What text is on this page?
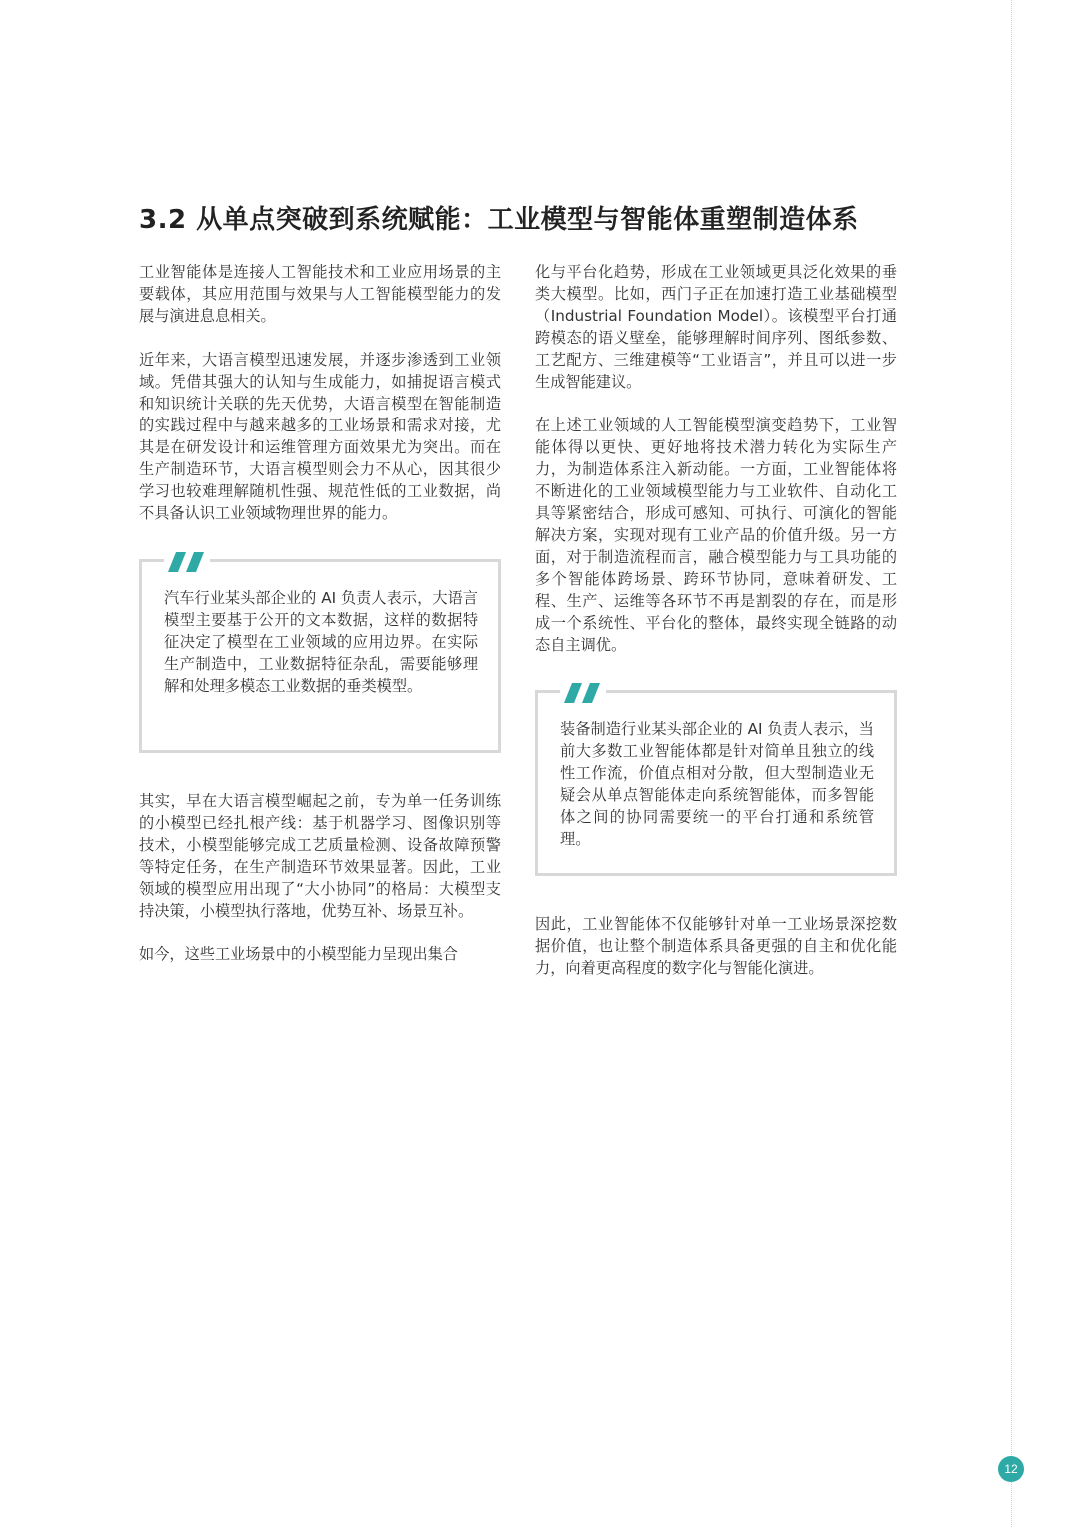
3.2 从单点突破到系统赋能：工业模型与智能体重塑制造体系

工业智能体是连接人工智能技术和工业应用场景的主要载体，其应用范围与效果与人工智能模型能力的发展与演进息息相关。

近年来，大语言模型迅速发展，并逐步渗透到工业领域。凭借其强大的认知与生成能力，如捕捉语言模式和知识统计关联的先天优势，大语言模型在智能制造的实践过程中与越来越多的工业场景和需求对接，尤其是在研发设计和运维管理方面效果尤为突出。而在生产制造环节，大语言模型则会力不从心，因其很少学习也较难理解随机性强、规范性低的工业数据，尚不具备认识工业领域物理世界的能力。

汽车行业某头部企业的 AI 负责人表示，大语言模型主要基于公开的文本数据，这样的数据特征决定了模型在工业领域的应用边界。在实际生产制造中，工业数据特征杂乱，需要能够理解和处理多模态工业数据的垂类模型。

其实，早在大语言模型崛起之前，专为单一任务训练的小模型已经扎根产线：基于机器学习、图像识别等技术，小模型能够完成工艺质量检测、设备故障预警等特定任务，在生产制造环节效果显著。因此，工业领域的模型应用出现了“大小协同”的格局：大模型支持决策，小模型执行落地，优势互补、场景互补。

如今，这些工业场景中的小模型能力呈现出集合

化与平台化趋势，形成在工业领域更具泛化效果的垂类大模型。比如，西门子正在加速打造工业基础模型（Industrial Foundation Model）。该模型平台打通跨模态的语义壁垒，能够理解时间序列、图纸参数、工艺配方、三维建模等“工业语言”，并且可以进一步生成智能建议。

在上述工业领域的人工智能模型演变趋势下，工业智能体得以更快、更好地将技术潜力转化为实际生产力，为制造体系注入新动能。一方面，工业智能体将不断进化的工业领域模型能力与工业软件、自动化工具等紧密结合，形成可感知、可执行、可演化的智能解决方案，实现对现有工业产品的价值升级。另一方面，对于制造流程而言，融合模型能力与工具功能的多个智能体跨场景、跨环节协同，意味着研发、工程、生产、运维等各环节不再是割裂的存在，而是形成一个系统性、平台化的整体，最终实现全链路的动态自主调优。

装备制造行业某头部企业的 AI 负责人表示，当前大多数工业智能体都是针对简单且独立的线性工作流，价值点相对分散，但大型制造业无疑会从单点智能体走向系统智能体，而多智能体之间的协同需要统一的平台打通和系统管理。

因此，工业智能体不仅能够针对单一工业场景深挖数据价值，也让整个制造体系具备更强的自主和优化能力，向着更高程度的数字化与智能化演进。

12
